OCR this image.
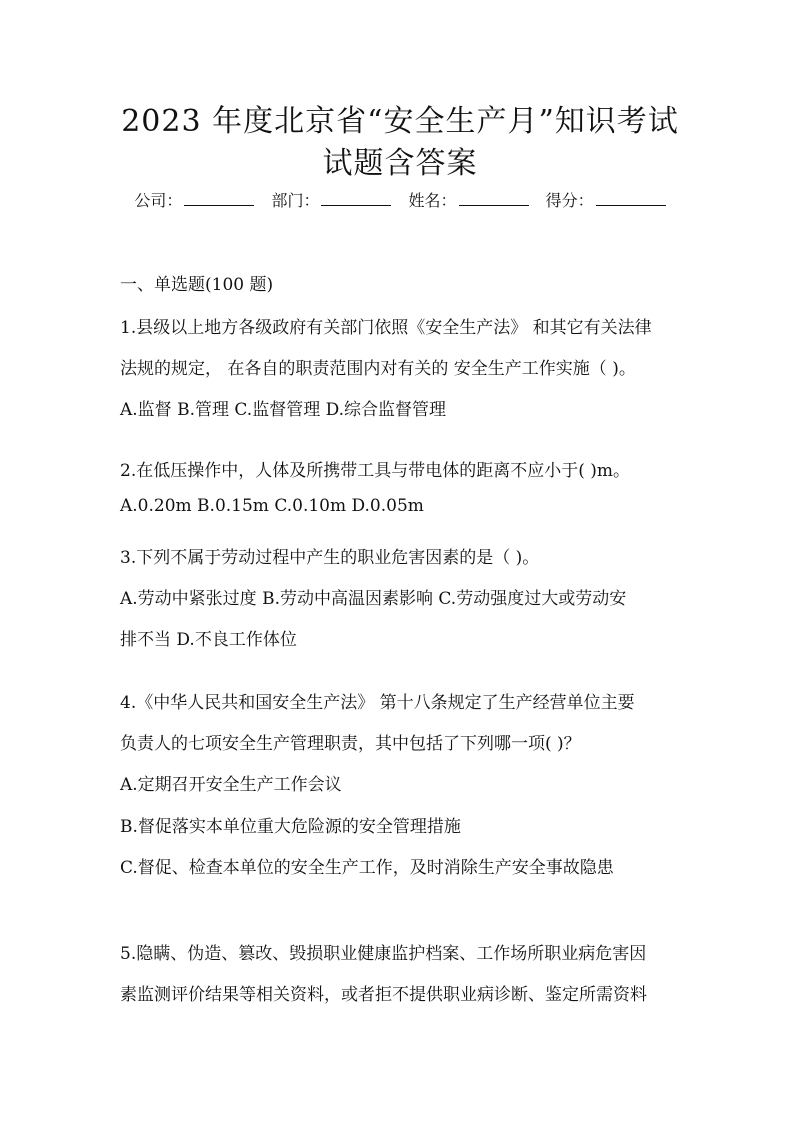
2023 年度北京省“安全生产月”知识考试
试题含答案
公司：	部门：	姓名：	得分：
一、单选题(100 题)
1.县级以上地方各级政府有关部门依照《安全生产法》 和其它有关法律
法规的规定， 在各自的职责范围内对有关的 安全生产工作实施（ )。
A.监督 B.管理 C.监督管理 D.综合监督管理
2.在低压操作中，人体及所携带工具与带电体的距离不应小于( )m。
A.0.20m B.0.15m C.0.10m D.0.05m
3.下列不属于劳动过程中产生的职业危害因素的是（ )。
A.劳动中紧张过度 B.劳动中高温因素影响 C.劳动强度过大或劳动安
排不当 D.不良工作体位
4.《中华人民共和国安全生产法》 第十八条规定了生产经营单位主要
负责人的七项安全生产管理职责，其中包括了下列哪一项( )？
A.定期召开安全生产工作会议
B.督促落实本单位重大危险源的安全管理措施
C.督促、检查本单位的安全生产工作，及时消除生产安全事故隐患
5.隐瞒、伪造、篡改、毁损职业健康监护档案、工作场所职业病危害因
素监测评价结果等相关资料，或者拒不提供职业病诊断、鉴定所需资料
